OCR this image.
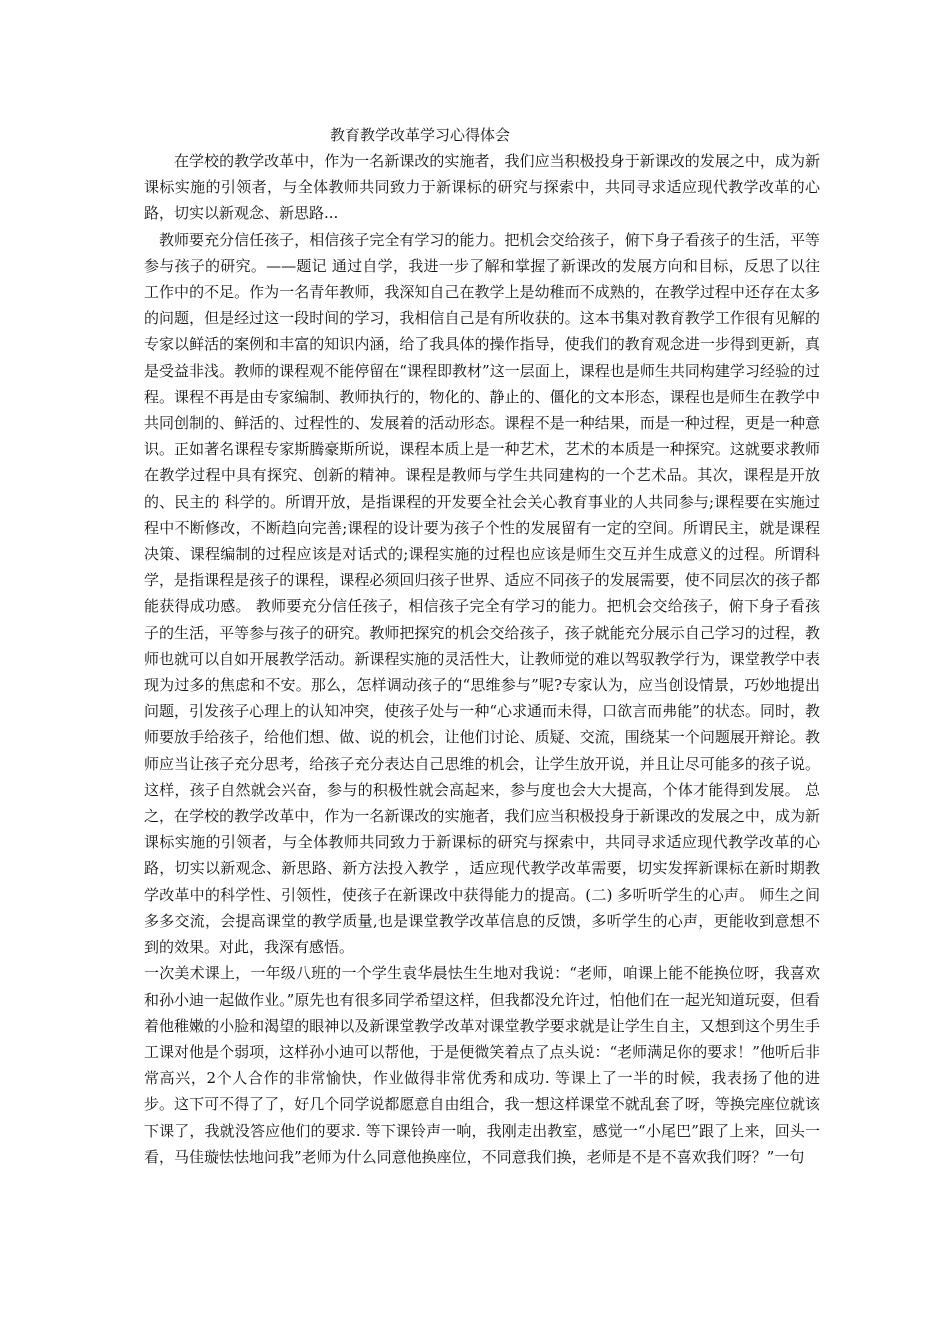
教育教学改革学习心得体会

在学校的教学改革中，作为一名新课改的实施者，我们应当积极投身于新课改的发展之中，成为新课标实施的引领者，与全体教师共同致力于新课标的研究与探索中，共同寻求适应现代教学改革的心路，切实以新观念、新思路...

教师要充分信任孩子，相信孩子完全有学习的能力。把机会交给孩子，俯下身子看孩子的生活，平等参与孩子的研究。——题记 通过自学，我进一步了解和掌握了新课改的发展方向和目标，反思了以往工作中的不足。作为一名青年教师，我深知自己在教学上是幼稚而不成熟的，在教学过程中还存在太多的问题，但是经过这一段时间的学习，我相信自己是有所收获的。这本书集对教育教学工作很有见解的专家以鲜活的案例和丰富的知识内涵，给了我具体的操作指导，使我们的教育观念进一步得到更新，真是受益非浅。教师的课程观不能停留在“课程即教材”这一层面上，课程也是师生共同构建学习经验的过程。课程不再是由专家编制、教师执行的，物化的、静止的、僵化的文本形态，课程也是师生在教学中共同创制的、鲜活的、过程性的、发展着的活动形态。课程不是一种结果，而是一种过程，更是一种意识。正如著名课程专家斯腾豪斯所说，课程本质上是一种艺术，艺术的本质是一种探究。这就要求教师在教学过程中具有探究、创新的精神。课程是教师与学生共同建构的一个艺术品。其次，课程是开放的、民主的 科学的。所谓开放，是指课程的开发要全社会关心教育事业的人共同参与;课程要在实施过程中不断修改，不断趋向完善;课程的设计要为孩子个性的发展留有一定的空间。所谓民主，就是课程决策、课程编制的过程应该是对话式的;课程实施的过程也应该是师生交互并生成意义的过程。所谓科学，是指课程是孩子的课程，课程必须回归孩子世界、适应不同孩子的发展需要，使不同层次的孩子都能获得成功感。 教师要充分信任孩子，相信孩子完全有学习的能力。把机会交给孩子，俯下身子看孩子的生活，平等参与孩子的研究。教师把探究的机会交给孩子，孩子就能充分展示自己学习的过程，教师也就可以自如开展教学活动。新课程实施的灵活性大，让教师觉的难以驾驭教学行为，课堂教学中表现为过多的焦虑和不安。那么，怎样调动孩子的“思维参与”呢?专家认为，应当创设情景，巧妙地提出问题，引发孩子心理上的认知冲突，使孩子处与一种“心求通而未得，口欲言而弗能”的状态。同时，教师要放手给孩子，给他们想、做、说的机会，让他们讨论、质疑、交流，围绕某一个问题展开辩论。教师应当让孩子充分思考，给孩子充分表达自己思维的机会，让学生放开说，并且让尽可能多的孩子说。这样，孩子自然就会兴奋，参与的积极性就会高起来，参与度也会大大提高，个体才能得到发展。 总之，在学校的教学改革中，作为一名新课改的实施者，我们应当积极投身于新课改的发展之中，成为新课标实施的引领者，与全体教师共同致力于新课标的研究与探索中，共同寻求适应现代教学改革的心路，切实以新观念、新思路、新方法投入教学 ，适应现代教学改革需要，切实发挥新课标在新时期教学改革中的科学性、引领性，使孩子在新课改中获得能力的提高。(二) 多听听学生的心声。 师生之间多多交流，会提高课堂的教学质量,也是课堂教学改革信息的反馈，多听学生的心声，更能收到意想不到的效果。对此，我深有感悟。

一次美术课上，一年级八班的一个学生袁华晨怯生生地对我说：“老师，咱课上能不能换位呀，我喜欢和孙小迪一起做作业。”原先也有很多同学希望这样，但我都没允许过，怕他们在一起光知道玩耍，但看着他稚嫩的小脸和渴望的眼神以及新课堂教学改革对课堂教学要求就是让学生自主，又想到这个男生手工课对他是个弱项，这样孙小迪可以帮他，于是便微笑着点了点头说：“老师满足你的要求！”他听后非常高兴，2个人合作的非常愉快，作业做得非常优秀和成功. 等课上了一半的时候，我表扬了他的进步。这下可不得了了，好几个同学说都愿意自由组合，我一想这样课堂不就乱套了呀，等换完座位就该下课了，我就没答应他们的要求. 等下课铃声一响，我刚走出教室，感觉一“小尾巴”跟了上来，回头一看，马佳璇怯怯地问我”老师为什么同意他换座位，不同意我们换，老师是不是不喜欢我们呀？”一句
